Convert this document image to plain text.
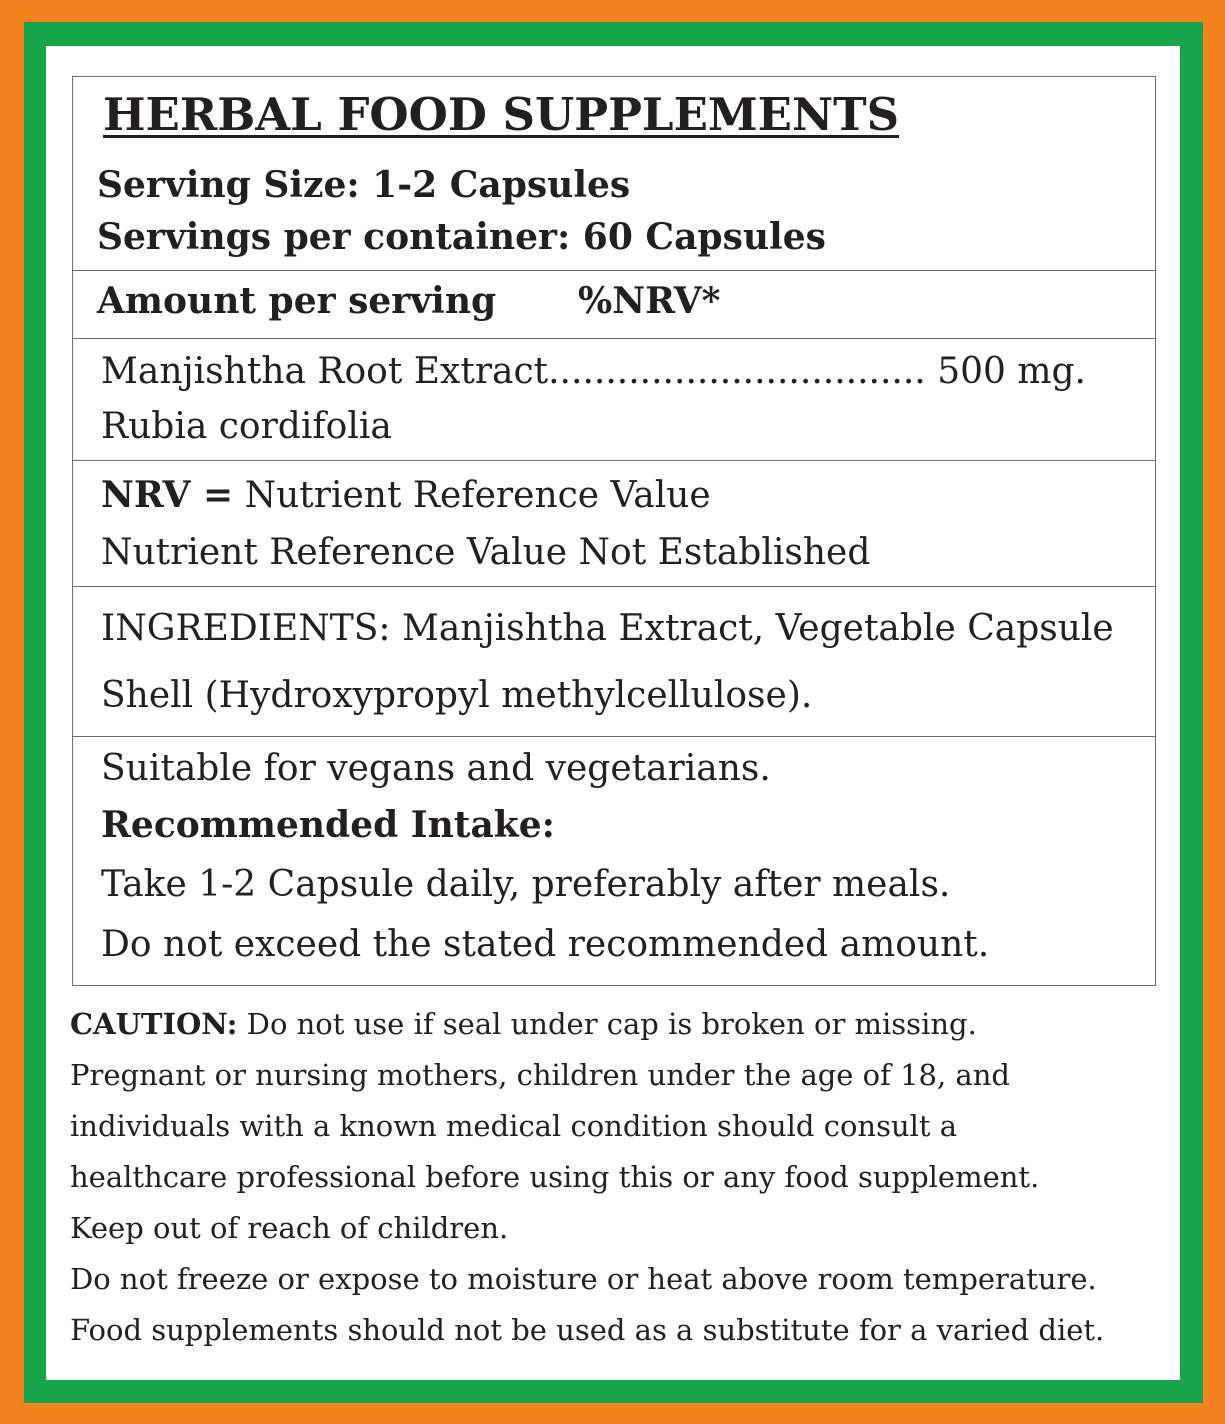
HERBAL FOOD SUPPLEMENTS
Serving Size: 1-2 Capsules
Servings per container: 60 Capsules
Amount per serving %NRV*
Manjishtha Root Extract................................. 500 mg.
Rubia cordifolia
NRV = Nutrient Reference Value
Nutrient Reference Value Not Established
INGREDIENTS: Manjishtha Extract, Vegetable Capsule
Shell (Hydroxypropyl methylcellulose).
Suitable for vegans and vegetarians.
Recommended Intake:
Take 1-2 Capsule daily, preferably after meals.
Do not exceed the stated recommended amount.
CAUTION: Do not use if seal under cap is broken or missing.
Pregnant or nursing mothers, children under the age of 18, and
individuals with a known medical condition should consult a
healthcare professional before using this or any food supplement.
Keep out of reach of children.
Do not freeze or expose to moisture or heat above room temperature.
Food supplements should not be used as a substitute for a varied diet.
